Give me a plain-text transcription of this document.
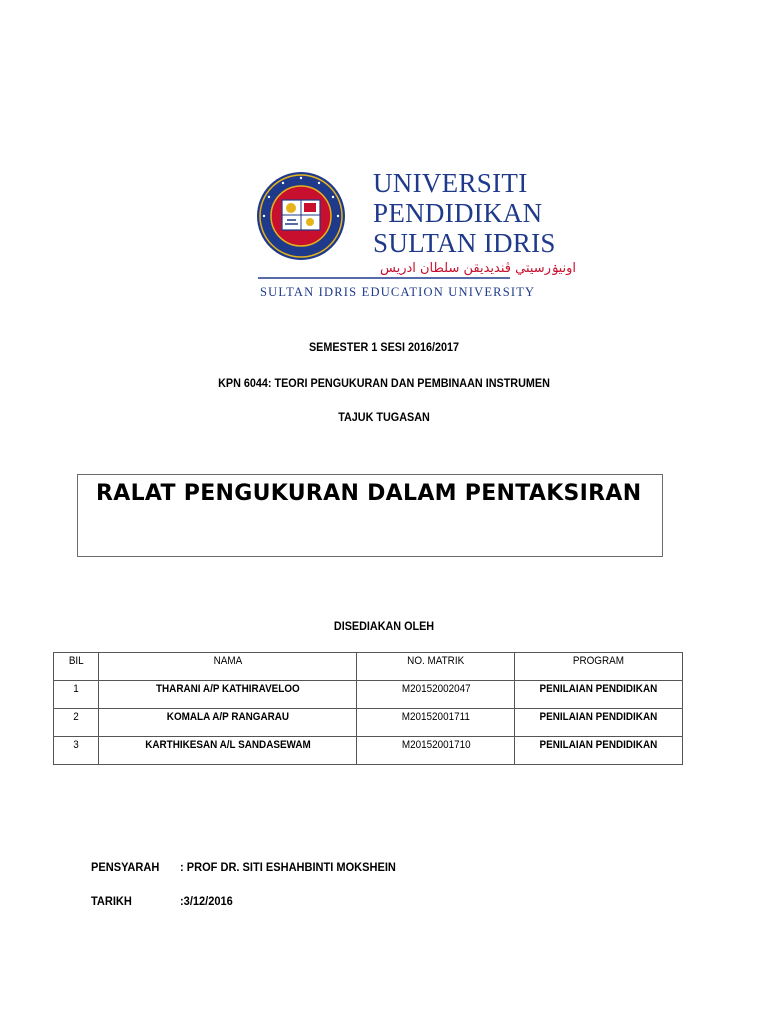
UNIVERSITI
PENDIDIKAN
SULTAN IDRIS
اونيۏرسيتي ڤنديديقن سلطان ادريس
SULTAN IDRIS EDUCATION UNIVERSITY
SEMESTER 1 SESI 2016/2017
KPN 6044: TEORI PENGUKURAN DAN PEMBINAAN INSTRUMEN
TAJUK TUGASAN
RALAT PENGUKURAN DALAM PENTAKSIRAN
DISEDIAKAN OLEH
BIL	NAMA	NO. MATRIK	PROGRAM
1	THARANI A/P KATHIRAVELOO	M20152002047	PENILAIAN PENDIDIKAN
2	KOMALA A/P RANGARAU	M20152001711	PENILAIAN PENDIDIKAN
3	KARTHIKESAN A/L SANDASEWAM	M20152001710	PENILAIAN PENDIDIKAN
PENSYARAH : PROF DR. SITI ESHAHBINTI MOKSHEIN
TARIKH	:3/12/2016
